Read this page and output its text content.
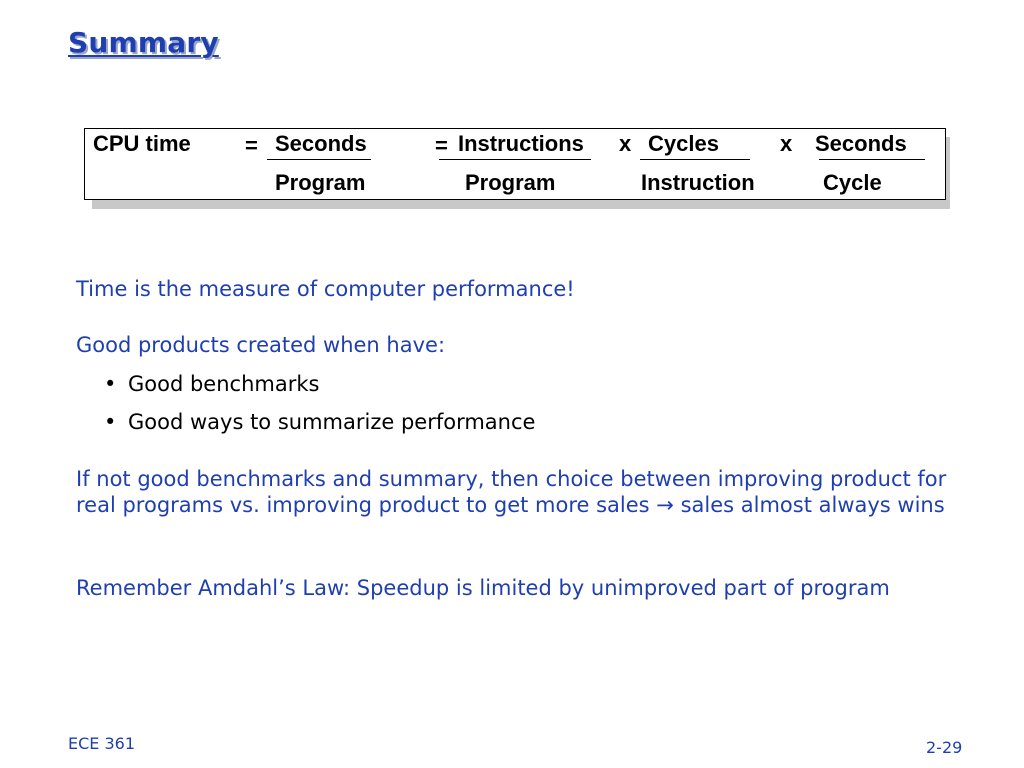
Summary
CPU time = Seconds
Program
= Instructions
Program
x Cycles
Instruction
x Seconds
Cycle
Time is the measure of computer performance!
Good products created when have:
• Good benchmarks
• Good ways to summarize performance
If not good benchmarks and summary, then choice between improving product for real programs vs. improving product to get more sales → sales almost always wins
Remember Amdahl’s Law: Speedup is limited by unimproved part of program
ECE 361	2-29
